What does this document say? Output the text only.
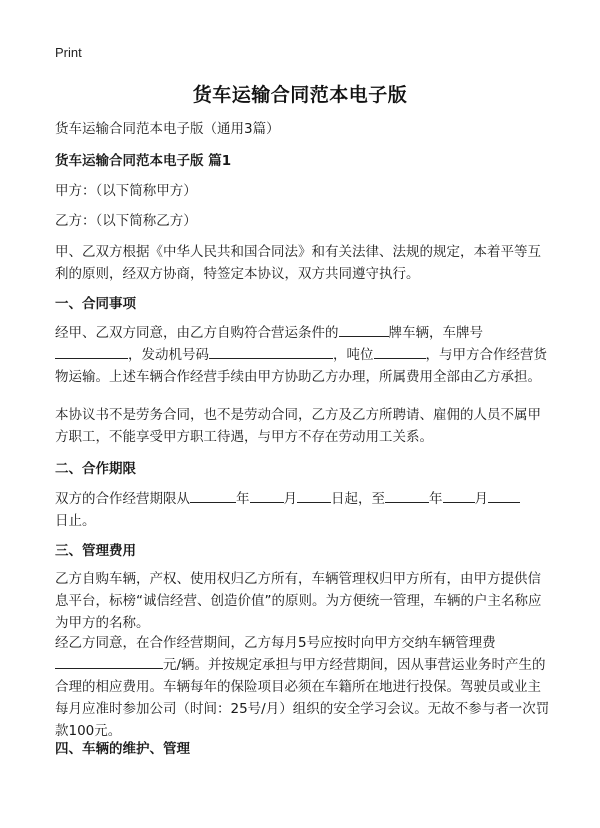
Print
货车运输合同范本电子版
货车运输合同范本电子版（通用3篇）
货车运输合同范本电子版 篇1
甲方：（以下简称甲方）
乙方：（以下简称乙方）

甲、乙双方根据《中华人民共和国合同法》和有关法律、法规的规定，本着平等互利的原则，经双方协商，特签定本协议，双方共同遵守执行。

一、合同事项

经甲、乙双方同意，由乙方自购符合营运条件的	牌车辆，车牌号
，发动机号码	，吨位	，与甲方合作经营货物运输。上述车辆合作经营手续由甲方协助乙方办理，所属费用全部由乙方承担。

本协议书不是劳务合同，也不是劳动合同，乙方及乙方所聘请、雇佣的人员不属甲方职工，不能享受甲方职工待遇，与甲方不存在劳动用工关系。

二、合作期限

双方的合作经营期限从	年	月	日起，至	年 月
日止。

三、管理费用

乙方自购车辆，产权、使用权归乙方所有，车辆管理权归甲方所有，由甲方提供信息平台，标榜“诚信经营、创造价值”的原则。为方便统一管理，车辆的户主名称应为甲方的名称。

经乙方同意，在合作经营期间，乙方每月5号应按时向甲方交纳车辆管理费
元/辆。并按规定承担与甲方经营期间，因从事营运业务时产生的合理的相应费用。车辆每年的保险项目必须在车籍所在地进行投保。驾驶员或业主每月应准时参加公司（时间：25号/月）组织的安全学习会议。无故不参与者一次罚款100元。

四、车辆的维护、管理
